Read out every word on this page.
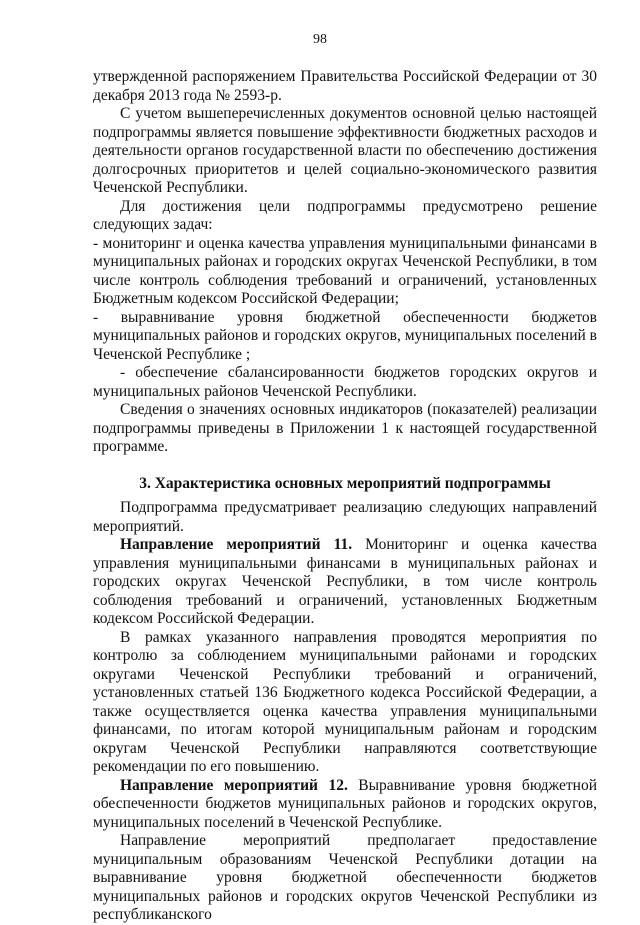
98

утвержденной распоряжением Правительства Российской Федерации от 30 декабря 2013 года № 2593-р.

С учетом вышеперечисленных документов основной целью настоящей подпрограммы является повышение эффективности бюджетных расходов и деятельности органов государственной власти по обеспечению достижения долгосрочных приоритетов и целей социально-экономического развития Чеченской Республики.

Для достижения цели подпрограммы предусмотрено решение следующих задач:

- мониторинг и оценка качества управления муниципальными финансами в муниципальных районах и городских округах Чеченской Республики, в том числе контроль соблюдения требований и ограничений, установленных Бюджетным кодексом Российской Федерации;

- выравнивание уровня бюджетной обеспеченности бюджетов муниципальных районов и городских округов, муниципальных поселений в Чеченской Республике ;

- обеспечение сбалансированности бюджетов городских округов и муниципальных районов Чеченской Республики.

Сведения о значениях основных индикаторов (показателей) реализации подпрограммы приведены в Приложении 1 к настоящей государственной программе.

3. Характеристика основных мероприятий подпрограммы

Подпрограмма предусматривает реализацию следующих направлений мероприятий.

Направление мероприятий 11. Мониторинг и оценка качества управления муниципальными финансами в муниципальных районах и городских округах Чеченской Республики, в том числе контроль соблюдения требований и ограничений, установленных Бюджетным кодексом Российской Федерации.

В рамках указанного направления проводятся мероприятия по контролю за соблюдением муниципальными районами и городских округами Чеченской Республики требований и ограничений, установленных статьей 136 Бюджетного кодекса Российской Федерации, а также осуществляется оценка качества управления муниципальными финансами, по итогам которой муниципальным районам и городским округам Чеченской Республики направляются соответствующие рекомендации по его повышению.

Направление мероприятий 12. Выравнивание уровня бюджетной обеспеченности бюджетов муниципальных районов и городских округов, муниципальных поселений в Чеченской Республике.

Направление мероприятий предполагает предоставление муниципальным образованиям Чеченской Республики дотации на выравнивание уровня бюджетной обеспеченности бюджетов муниципальных районов и городских округов Чеченской Республики из республиканского
